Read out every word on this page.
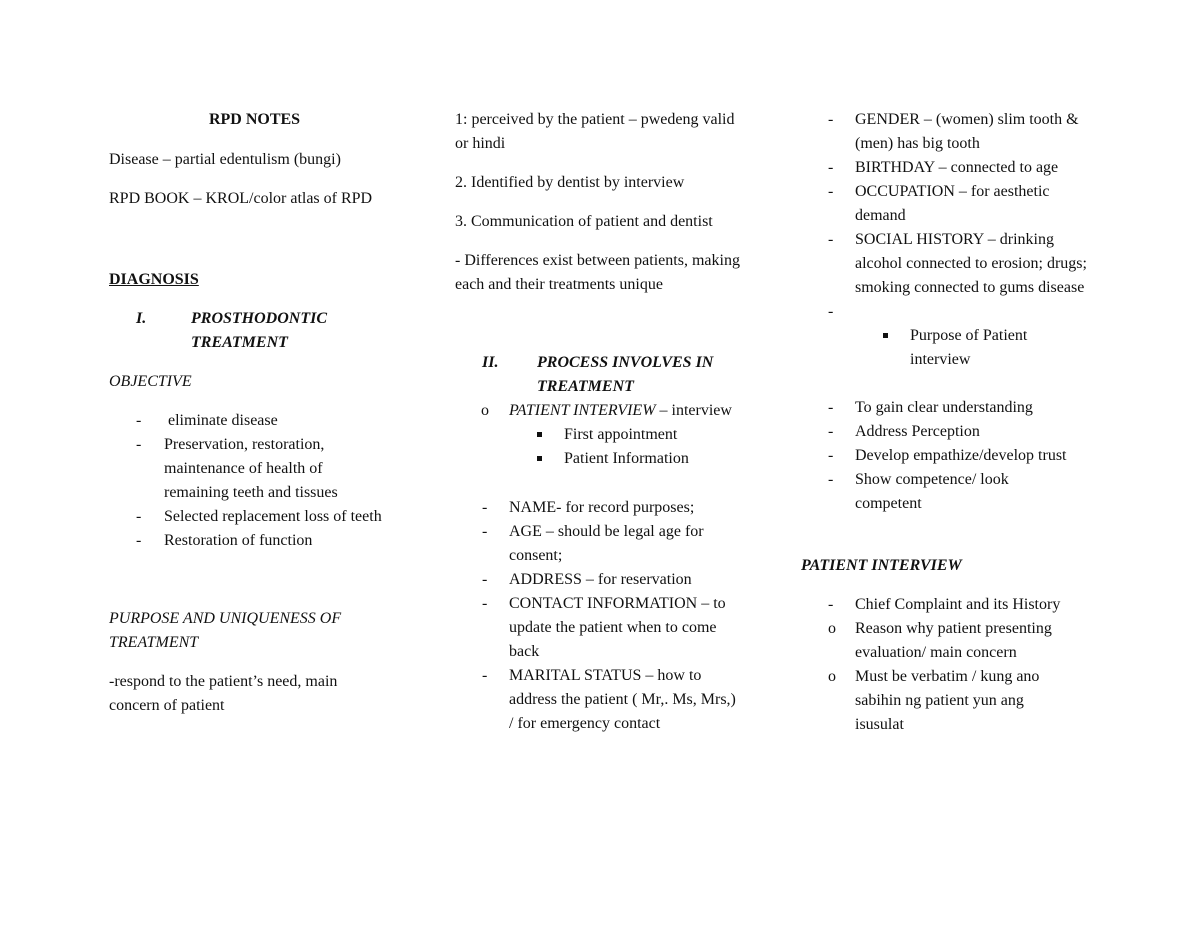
RPD NOTES

Disease – partial edentulism (bungi)

RPD BOOK – KROL/color atlas of RPD

DIAGNOSIS

I.	PROSTHODONTIC TREATMENT

OBJECTIVE

- eliminate disease
- Preservation, restoration, maintenance of health of remaining teeth and tissues
- Selected replacement loss of teeth
- Restoration of function

PURPOSE AND UNIQUENESS OF TREATMENT

-respond to the patient’s need, main concern of patient

1: perceived by the patient – pwedeng valid or hindi

2. Identified by dentist by interview

3. Communication of patient and dentist

- Differences exist between patients, making each and their treatments unique

II. PROCESS INVOLVES IN TREATMENT
o PATIENT INTERVIEW – interview
First appointment
Patient Information
- NAME- for record purposes;
- AGE – should be legal age for consent;
- ADDRESS – for reservation
- CONTACT INFORMATION – to update the patient when to come back
- MARITAL STATUS – how to address the patient ( Mr,. Ms, Mrs,) / for emergency contact
- GENDER – (women) slim tooth & (men) has big tooth
- BIRTHDAY – connected to age
- OCCUPATION – for aesthetic demand
- SOCIAL HISTORY – drinking alcohol connected to erosion; drugs; smoking connected to gums disease
-
Purpose of Patient interview
- To gain clear understanding
- Address Perception
- Develop empathize/develop trust
- Show competence/ look competent

PATIENT INTERVIEW

- Chief Complaint and its History
o Reason why patient presenting evaluation/ main concern
o Must be verbatim / kung ano sabihin ng patient yun ang isusulat
